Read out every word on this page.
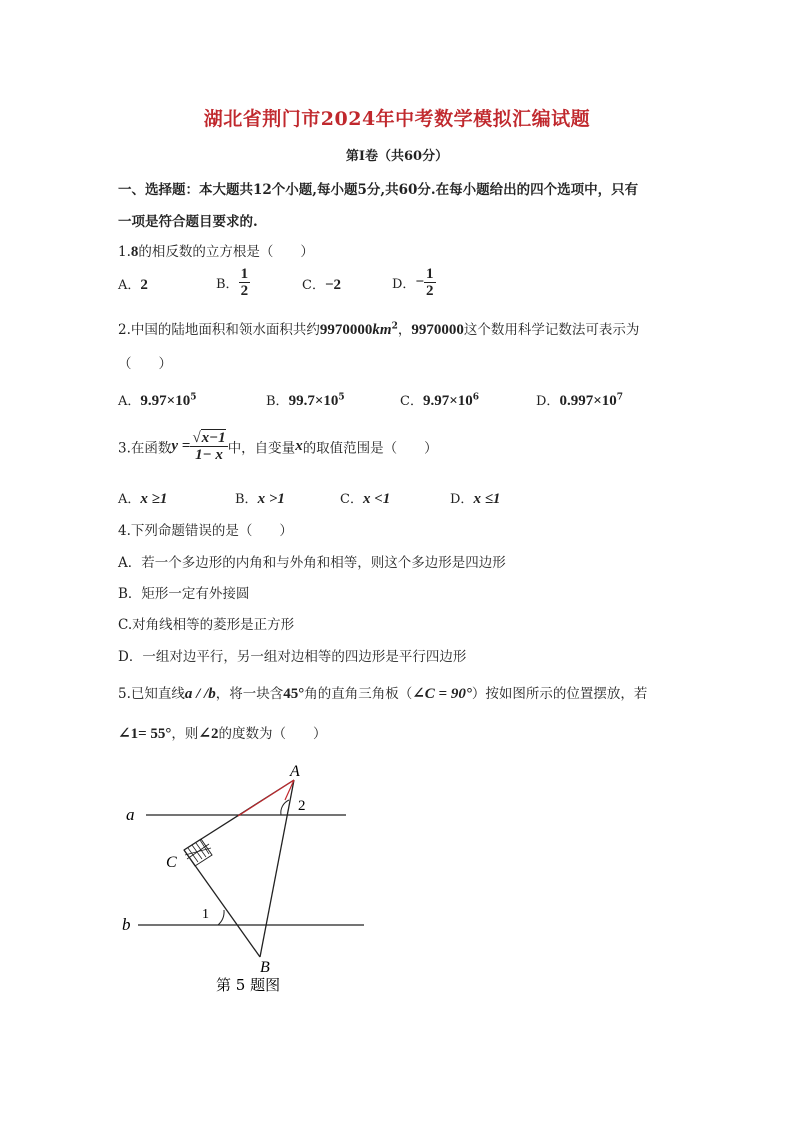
湖北省荆门市2024年中考数学模拟汇编试题
第Ⅰ卷（共60分）
一、选择题：本大题共12个小题,每小题5分,共60分.在每小题给出的四个选项中，只有
一项是符合题目要求的.
1.8的相反数的立方根是（　　）
A．2	B． $\frac{1}{2}$	C．−2	D．− $\frac{1}{2}$
2.中国的陆地面积和领水面积共约$9970000km^2$，9970000这个数用科学记数法可表示为
（　　）
A．$9.97\times 10^5$	B．$99.7\times 10^5$	C．$9.97\times 10^6$	D．$0.997\times 10^7$
3.在函数$y = \frac{√x-1}{1- x}$ 中，自变量x的取值范围是（　　）
A．x ≥1	B．x >1	C．x <1	D．x ≤1
4.下列命题错误的是（　　）
A．若一个多边形的内角和与外角和相等，则这个多边形是四边形
B．矩形一定有外接圆
C.对角线相等的菱形是正方形
D．一组对边平行，另一组对边相等的四边形是平行四边形
5.已知直线a / /b，将一块含45°角的直角三角板（∠C = 90°）按如图所示的位置摆放，若
∠1= 55°，则∠2的度数为（　　）
a
b
A
C
B
1
2
第 5 题图
